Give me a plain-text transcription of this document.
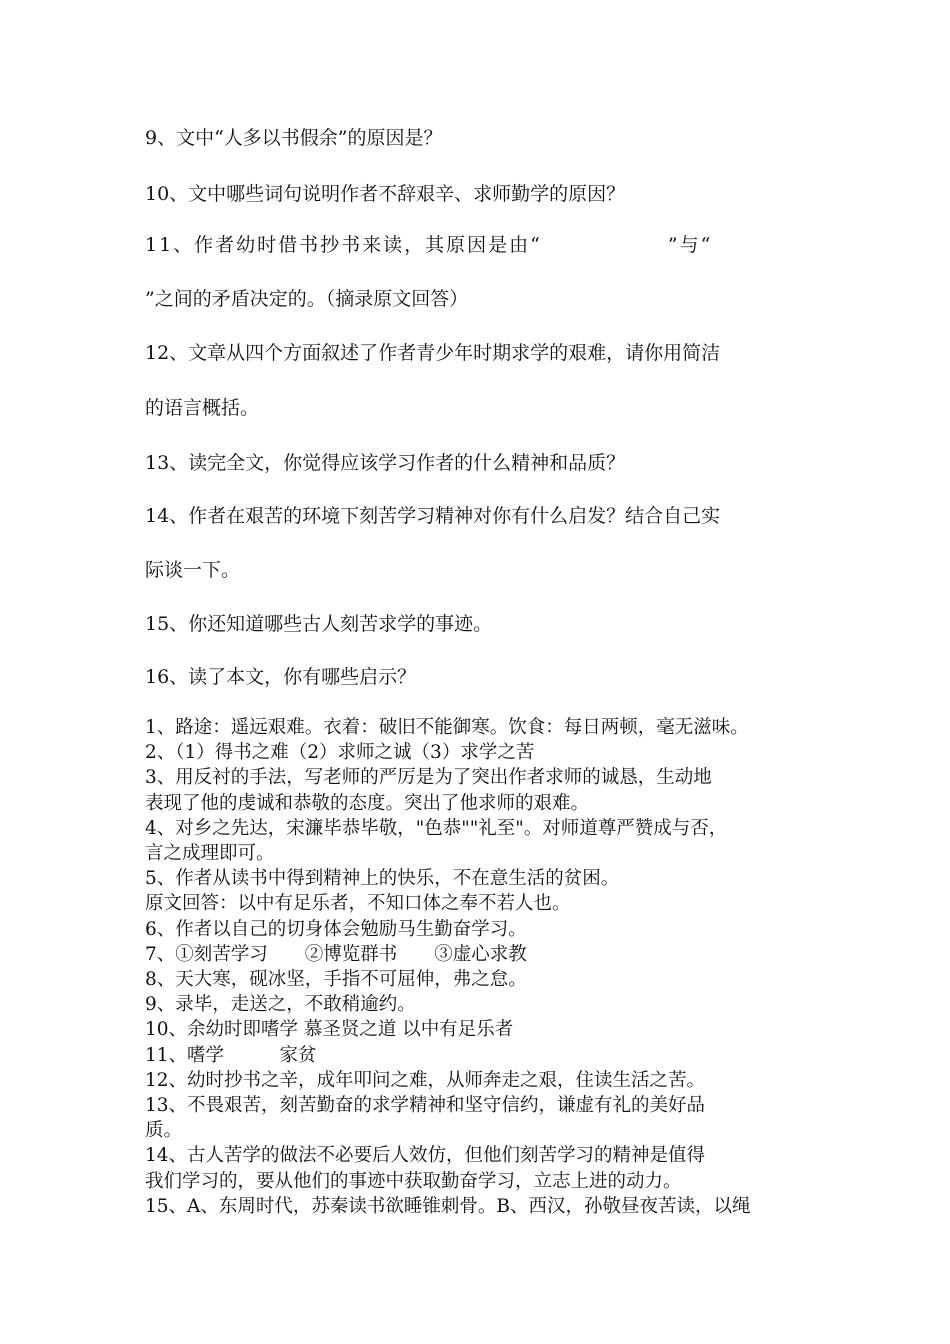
9、文中“人多以书假余”的原因是？

10、文中哪些词句说明作者不辞艰辛、求师勤学的原因？

11、作者幼时借书抄书来读，其原因是由“　　　　　　”与“

”之间的矛盾决定的。（摘录原文回答）

12、文章从四个方面叙述了作者青少年时期求学的艰难，请你用简洁

的语言概括。

13、读完全文，你觉得应该学习作者的什么精神和品质？

14、作者在艰苦的环境下刻苦学习精神对你有什么启发？结合自己实

际谈一下。

15、你还知道哪些古人刻苦求学的事迹。

16、读了本文，你有哪些启示？

1、路途：遥远艰难。衣着：破旧不能御寒。饮食：每日两顿，毫无滋味。
2、（1）得书之难（2）求师之诚（3）求学之苦
3、用反衬的手法，写老师的严厉是为了突出作者求师的诚恳，生动地
表现了他的虔诚和恭敬的态度。突出了他求师的艰难。
4、对乡之先达，宋濂毕恭毕敬，"色恭""礼至"。对师道尊严赞成与否，
言之成理即可。
5、作者从读书中得到精神上的快乐，不在意生活的贫困。
原文回答：以中有足乐者，不知口体之奉不若人也。
6、作者以自己的切身体会勉励马生勤奋学习。
7、①刻苦学习　　②博览群书　　③虚心求教
8、天大寒，砚冰坚，手指不可屈伸，弗之怠。
9、录毕，走送之，不敢稍逾约。
10、余幼时即嗜学 慕圣贤之道 以中有足乐者
11、嗜学　　　家贫
12、幼时抄书之辛，成年叩问之难，从师奔走之艰，住读生活之苦。
13、不畏艰苦，刻苦勤奋的求学精神和坚守信约，谦虚有礼的美好品
质。
14、古人苦学的做法不必要后人效仿，但他们刻苦学习的精神是值得
我们学习的，要从他们的事迹中获取勤奋学习，立志上进的动力。
15、A、东周时代，苏秦读书欲睡锥刺骨。B、西汉，孙敬昼夜苦读，以绳
